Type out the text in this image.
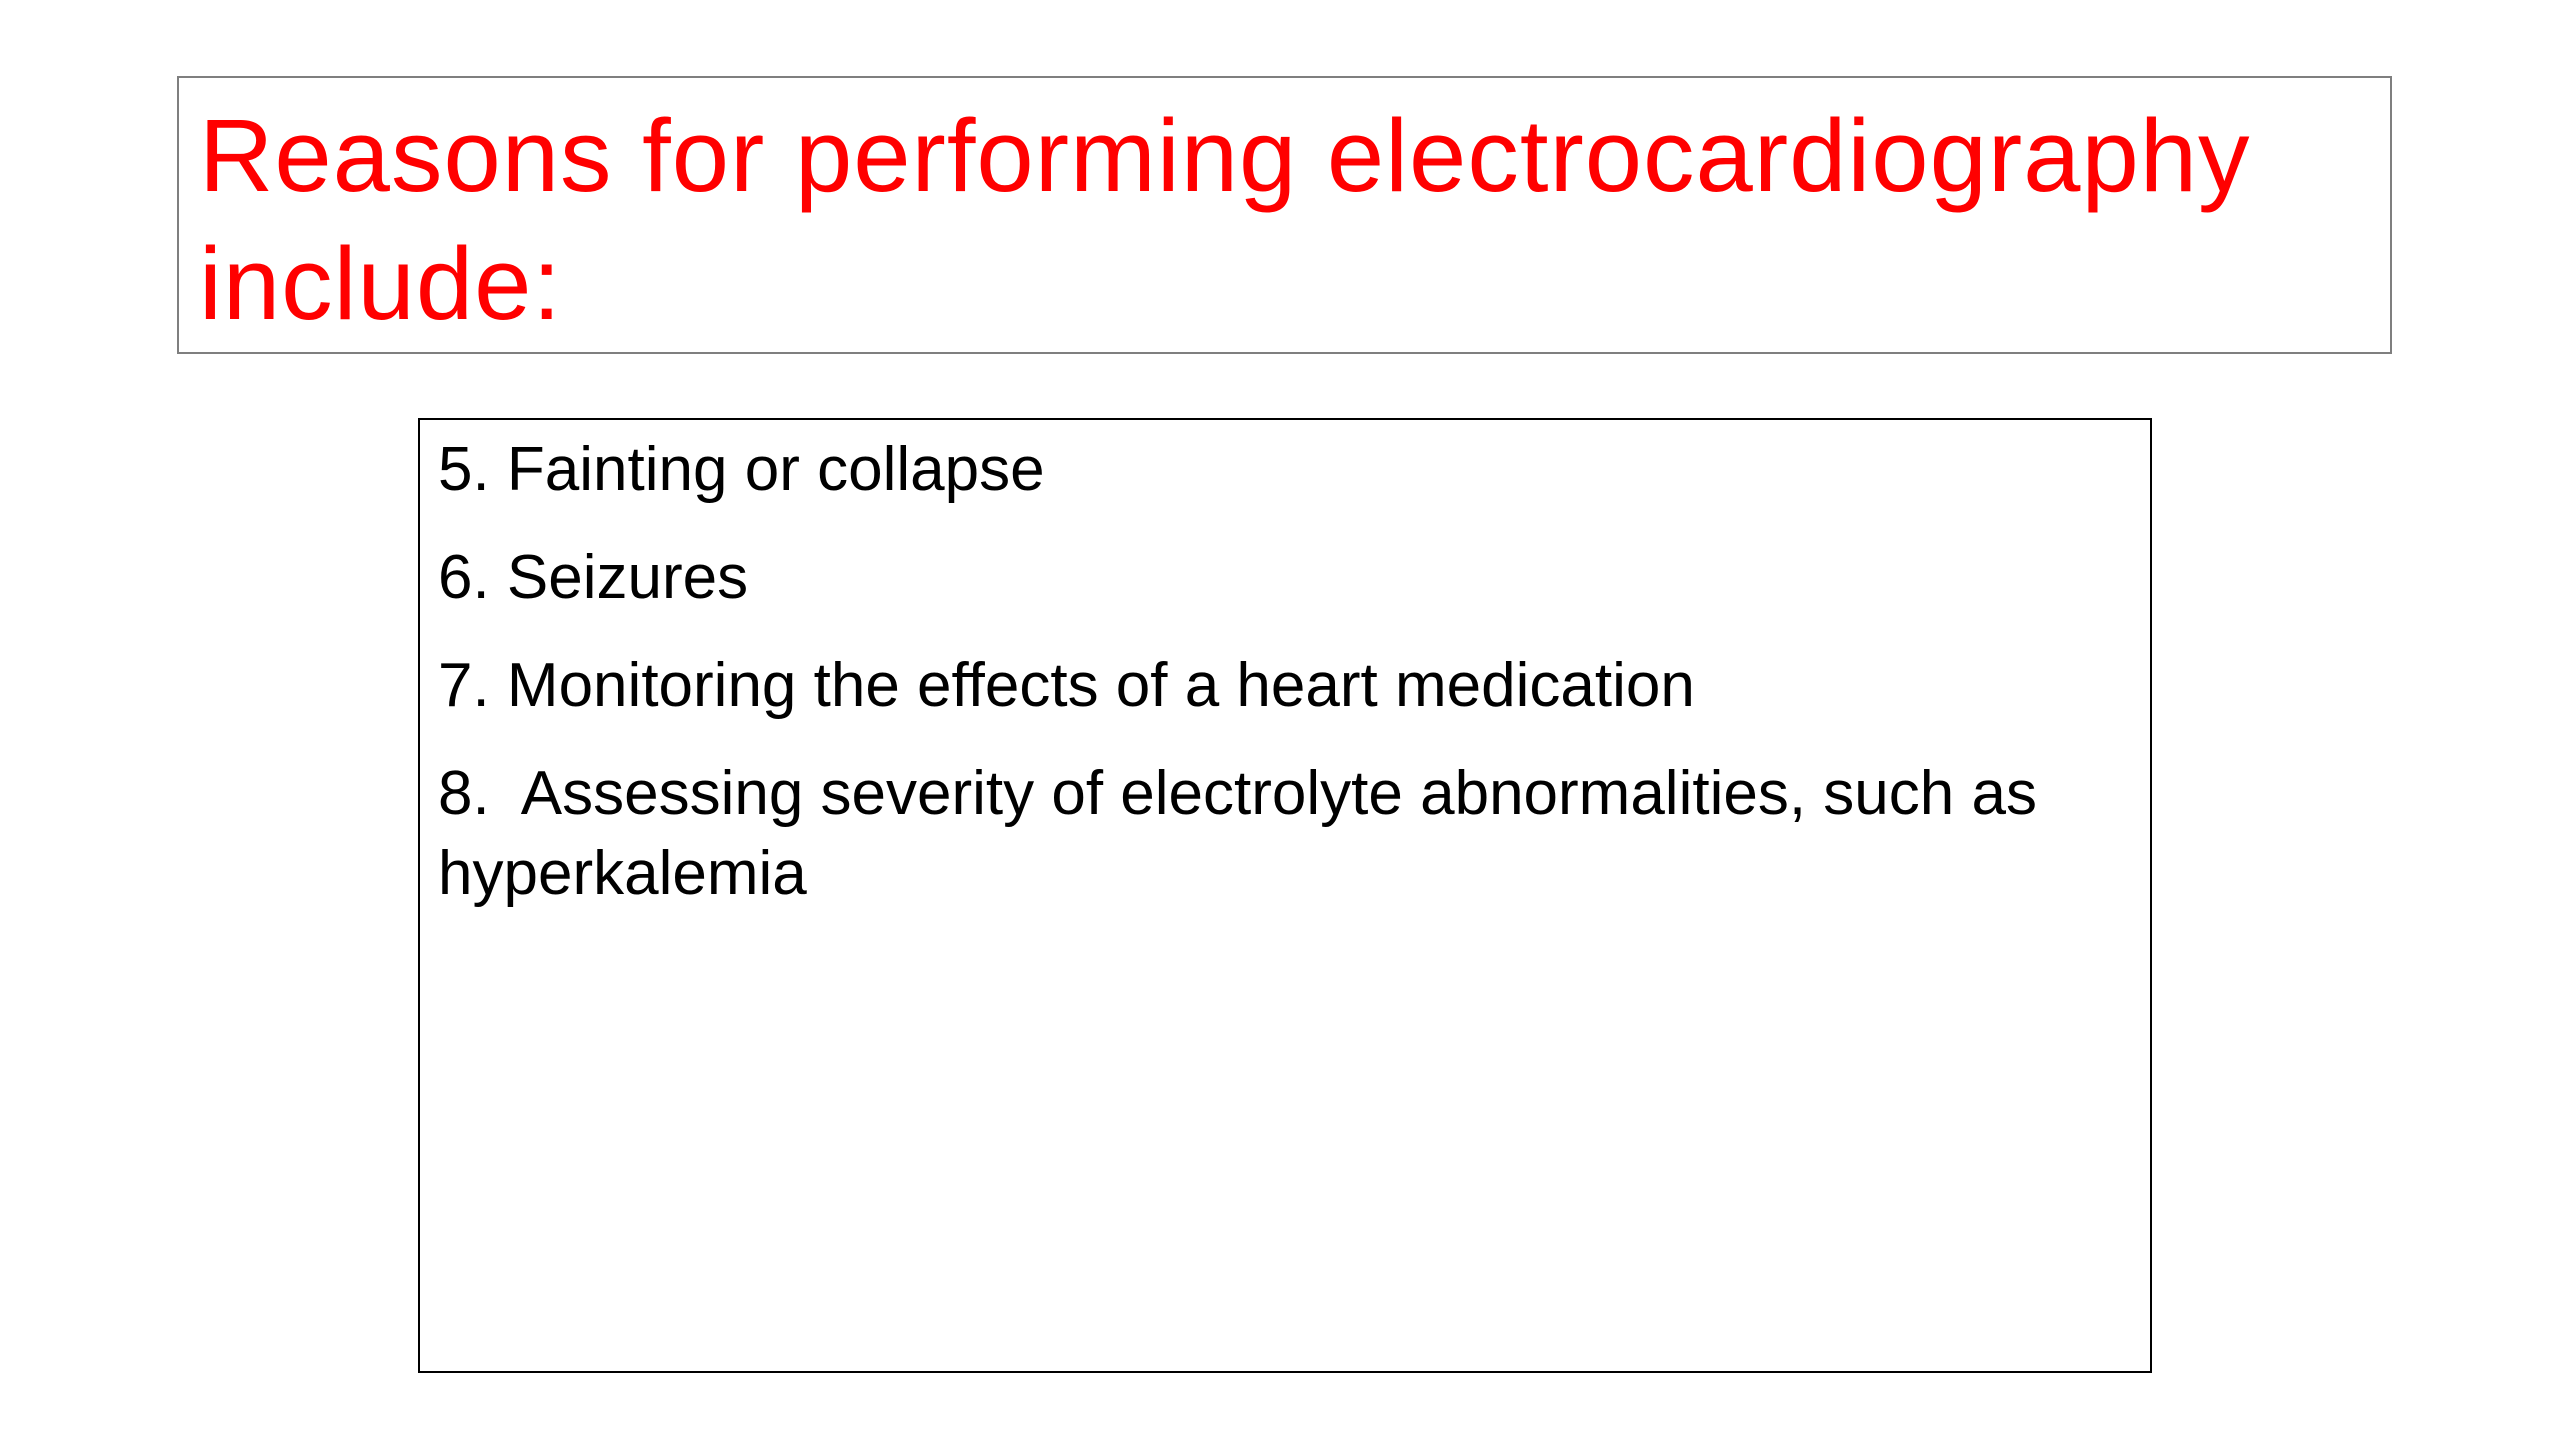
Reasons for performing electrocardiography include:
5. Fainting or collapse
6. Seizures
7. Monitoring the effects of a heart medication
8.  Assessing severity of electrolyte abnormalities, such as hyperkalemia
